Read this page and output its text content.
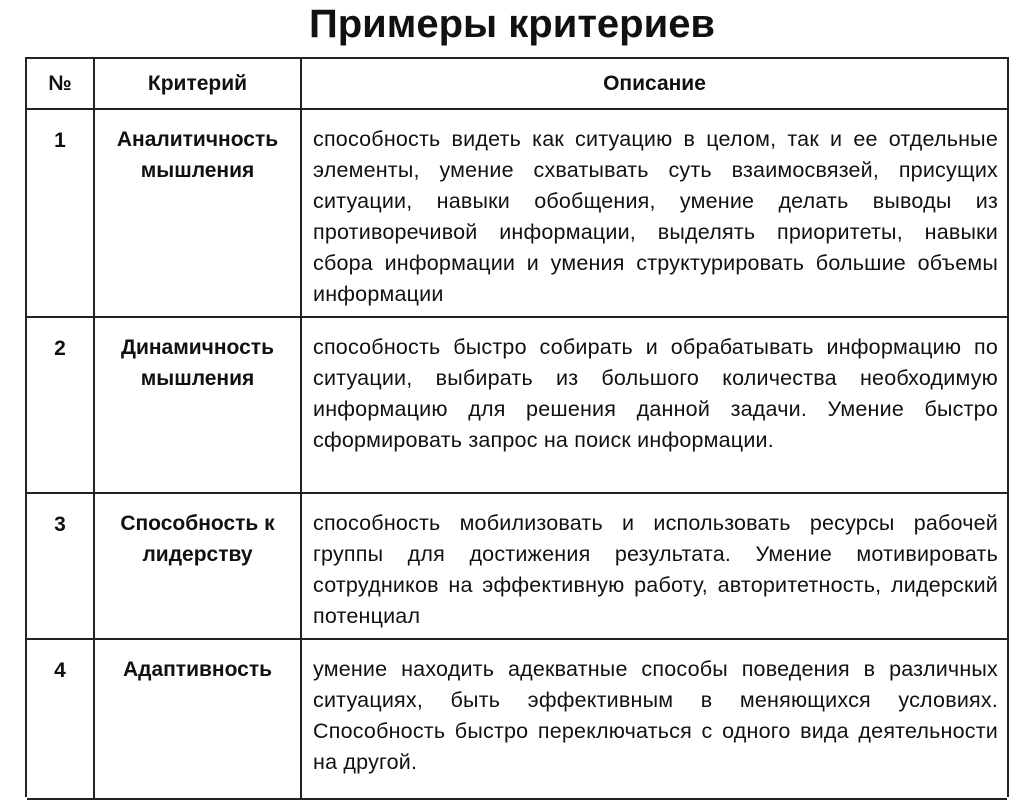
Примеры критериев
№	Критерий	Описание
1	Аналитичность мышления	способность видеть как ситуацию в целом, так и ее отдельные элементы, умение схватывать суть взаимосвязей, присущих ситуации, навыки обобщения, умение делать выводы из противоречивой информации, выделять приоритеты, навыки сбора информации и умения структурировать большие объемы информации
2	Динамичность мышления	способность быстро собирать и обрабатывать информацию по ситуации, выбирать из большого количества необходимую информацию для решения данной задачи. Умение быстро сформировать запрос на поиск информации.
3	Способность к лидерству	способность мобилизовать и использовать ресурсы рабочей группы для достижения результата. Умение мотивировать сотрудников на эффективную работу, авторитетность, лидерский потенциал
4	Адаптивность	умение находить адекватные способы поведения в различных ситуациях, быть эффективным в меняющихся условиях. Способность быстро переключаться с одного вида деятельности на другой.
